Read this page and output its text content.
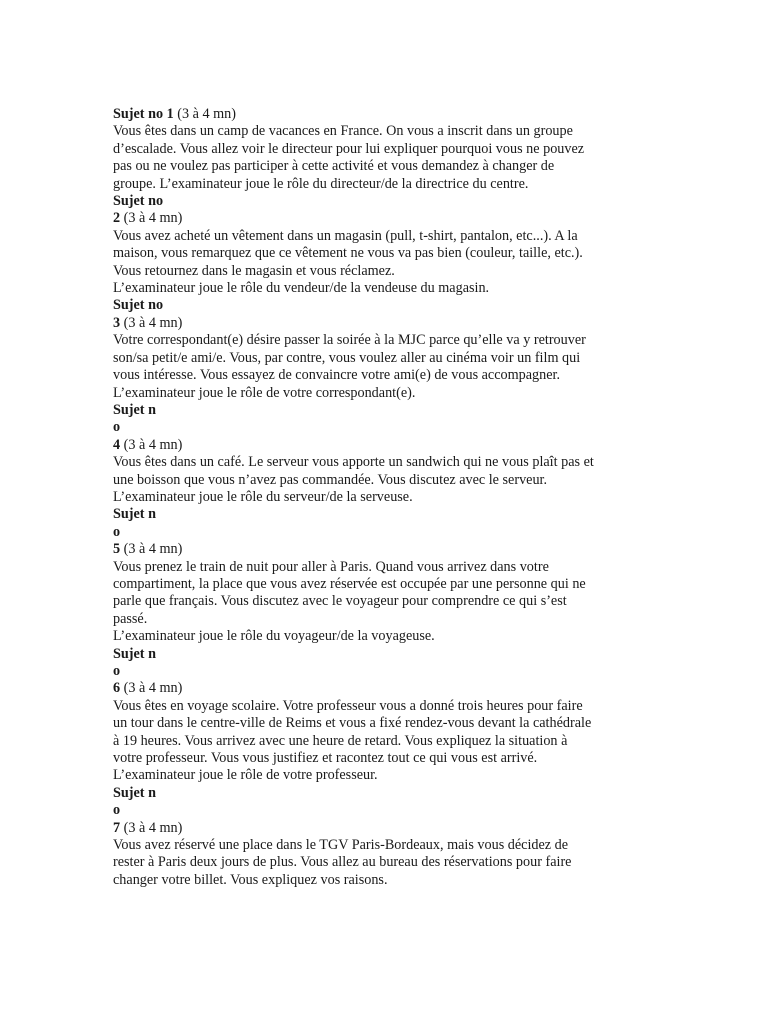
Sujet no 1 (3 à 4 mn)
Vous êtes dans un camp de vacances en France. On vous a inscrit dans un groupe
d’escalade. Vous allez voir le directeur pour lui expliquer pourquoi vous ne pouvez
pas ou ne voulez pas participer à cette activité et vous demandez à changer de
groupe. L’examinateur joue le rôle du directeur/de la directrice du centre.
Sujet no
2 (3 à 4 mn)
Vous avez acheté un vêtement dans un magasin (pull, t-shirt, pantalon, etc...). A la
maison, vous remarquez que ce vêtement ne vous va pas bien (couleur, taille, etc.).
Vous retournez dans le magasin et vous réclamez.
L’examinateur joue le rôle du vendeur/de la vendeuse du magasin.
Sujet no
3 (3 à 4 mn)
Votre correspondant(e) désire passer la soirée à la MJC parce qu’elle va y retrouver
son/sa petit/e ami/e. Vous, par contre, vous voulez aller au cinéma voir un film qui
vous intéresse. Vous essayez de convaincre votre ami(e) de vous accompagner.
L’examinateur joue le rôle de votre correspondant(e).
Sujet n
o
4 (3 à 4 mn)
Vous êtes dans un café. Le serveur vous apporte un sandwich qui ne vous plaît pas et
une boisson que vous n’avez pas commandée. Vous discutez avec le serveur.
L’examinateur joue le rôle du serveur/de la serveuse.
Sujet n
o
5 (3 à 4 mn)
Vous prenez le train de nuit pour aller à Paris. Quand vous arrivez dans votre
compartiment, la place que vous avez réservée est occupée par une personne qui ne
parle que français. Vous discutez avec le voyageur pour comprendre ce qui s’est
passé.
L’examinateur joue le rôle du voyageur/de la voyageuse.
Sujet n
o
6 (3 à 4 mn)
Vous êtes en voyage scolaire. Votre professeur vous a donné trois heures pour faire
un tour dans le centre-ville de Reims et vous a fixé rendez-vous devant la cathédrale
à 19 heures. Vous arrivez avec une heure de retard. Vous expliquez la situation à
votre professeur. Vous vous justifiez et racontez tout ce qui vous est arrivé.
L’examinateur joue le rôle de votre professeur.
Sujet n
o
7 (3 à 4 mn)
Vous avez réservé une place dans le TGV Paris-Bordeaux, mais vous décidez de
rester à Paris deux jours de plus. Vous allez au bureau des réservations pour faire
changer votre billet. Vous expliquez vos raisons.
